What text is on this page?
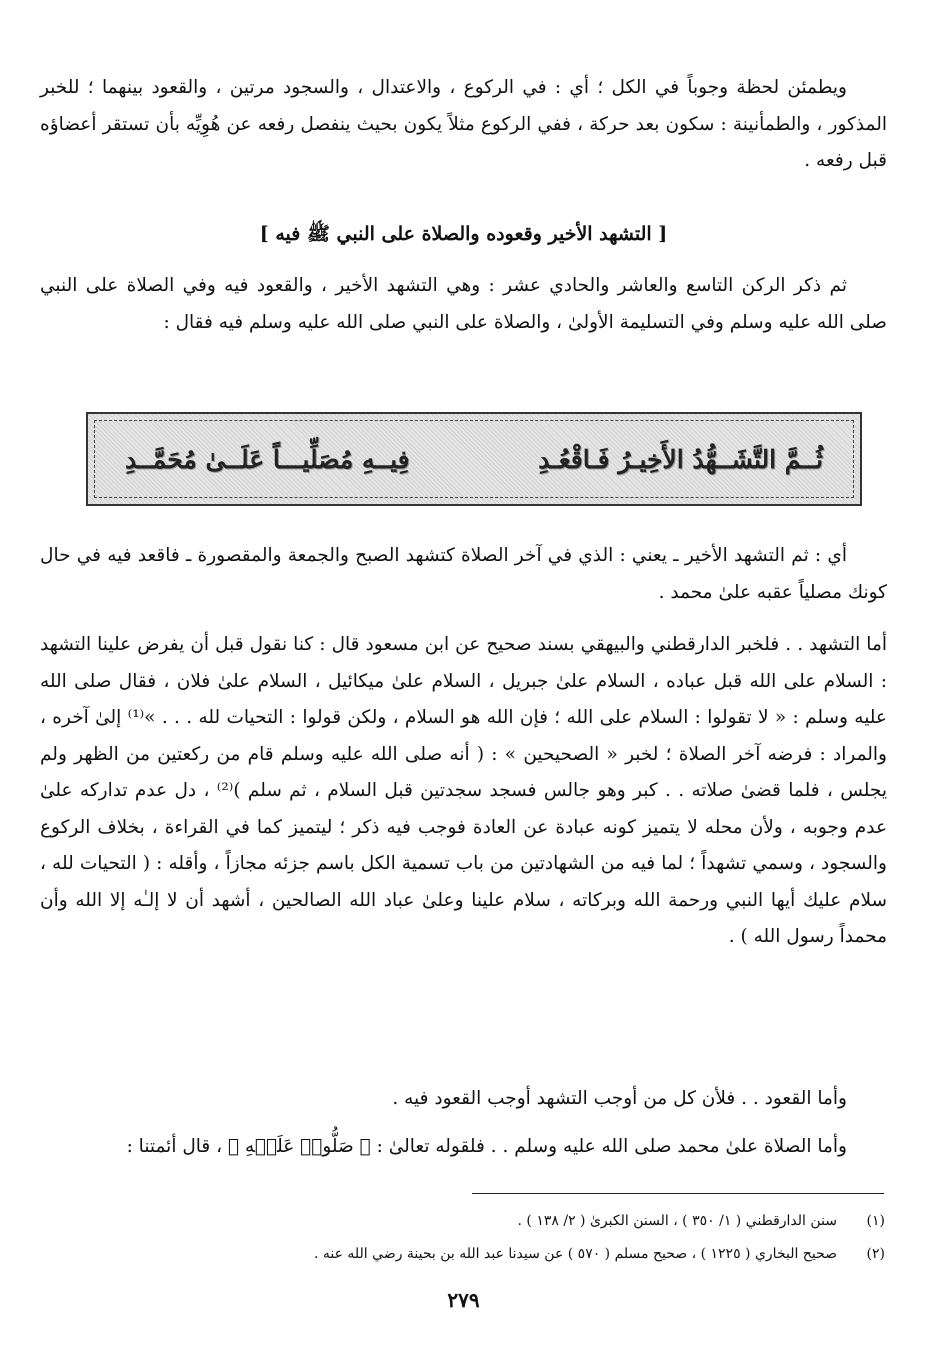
ويطمئن لحظة وجوباً في الكل ؛ أي : في الركوع ، والاعتدال ، والسجود مرتين ، والقعود بينهما ؛ للخبر المذكور ، والطمأنينة : سكون بعد حركة ، ففي الركوع مثلاً يكون بحيث ينفصل رفعه عن هُوِيِّه بأن تستقر أعضاؤه قبل رفعه .

[ التشهد الأخير وقعوده والصلاة على النبي ﷺ فيه ]

ثم ذكر الركن التاسع والعاشر والحادي عشر : وهي التشهد الأخير ، والقعود فيه وفي الصلاة على النبي صلى الله عليه وسلم وفي التسليمة الأولىٰ ، والصلاة على النبي صلى الله عليه وسلم فيه فقال :

ثُــمَّ التَّشَــهُّدُ الأَخِيـرُ فَـاقْعُـدِ
فِيــهِ مُصَلِّيـــاً عَلَــىٰ مُحَمَّــدِ

أي : ثم التشهد الأخير ـ يعني : الذي في آخر الصلاة كتشهد الصبح والجمعة والمقصورة ـ فاقعد فيه في حال كونك مصلياً عقبه علىٰ محمد .

أما التشهد . . فلخبر الدارقطني والبيهقي بسند صحيح عن ابن مسعود قال : كنا نقول قبل أن يفرض علينا التشهد : السلام على الله قبل عباده ، السلام علىٰ جبريل ، السلام علىٰ ميكائيل ، السلام علىٰ فلان ، فقال صلى الله عليه وسلم : « لا تقولوا : السلام على الله ؛ فإن الله هو السلام ، ولكن قولوا : التحيات لله . . . »⁽¹⁾ إلىٰ آخره ، والمراد : فرضه آخر الصلاة ؛ لخبر « الصحيحين » : ( أنه صلى الله عليه وسلم قام من ركعتين من الظهر ولم يجلس ، فلما قضىٰ صلاته . . كبر وهو جالس فسجد سجدتين قبل السلام ، ثم سلم )⁽²⁾ ، دل عدم تداركه علىٰ عدم وجوبه ، ولأن محله لا يتميز كونه عبادة عن العادة فوجب فيه ذكر ؛ ليتميز كما في القراءة ، بخلاف الركوع والسجود ، وسمي تشهداً ؛ لما فيه من الشهادتين من باب تسمية الكل باسم جزئه مجازاً ، وأقله : ( التحيات لله ، سلام عليك أيها النبي ورحمة الله وبركاته ، سلام علينا وعلىٰ عباد الله الصالحين ، أشهد أن لا إلـٰه إلا الله وأن محمداً رسول الله ) .

وأما القعود . . فلأن كل من أوجب التشهد أوجب القعود فيه .

وأما الصلاة علىٰ محمد صلى الله عليه وسلم . . فلقوله تعالىٰ : ﴿ صَلُّوا۟ عَلَيۡهِ ﴾ ، قال أئمتنا :

(١)سنن الدارقطني ( ١/ ٣٥٠ ) ، السنن الكبرىٰ ( ٢/ ١٣٨ ) .
(٢)صحيح البخاري ( ١٢٢٥ ) ، صحيح مسلم ( ٥٧٠ ) عن سيدنا عبد الله بن بحينة رضي الله عنه .
٢٧٩
